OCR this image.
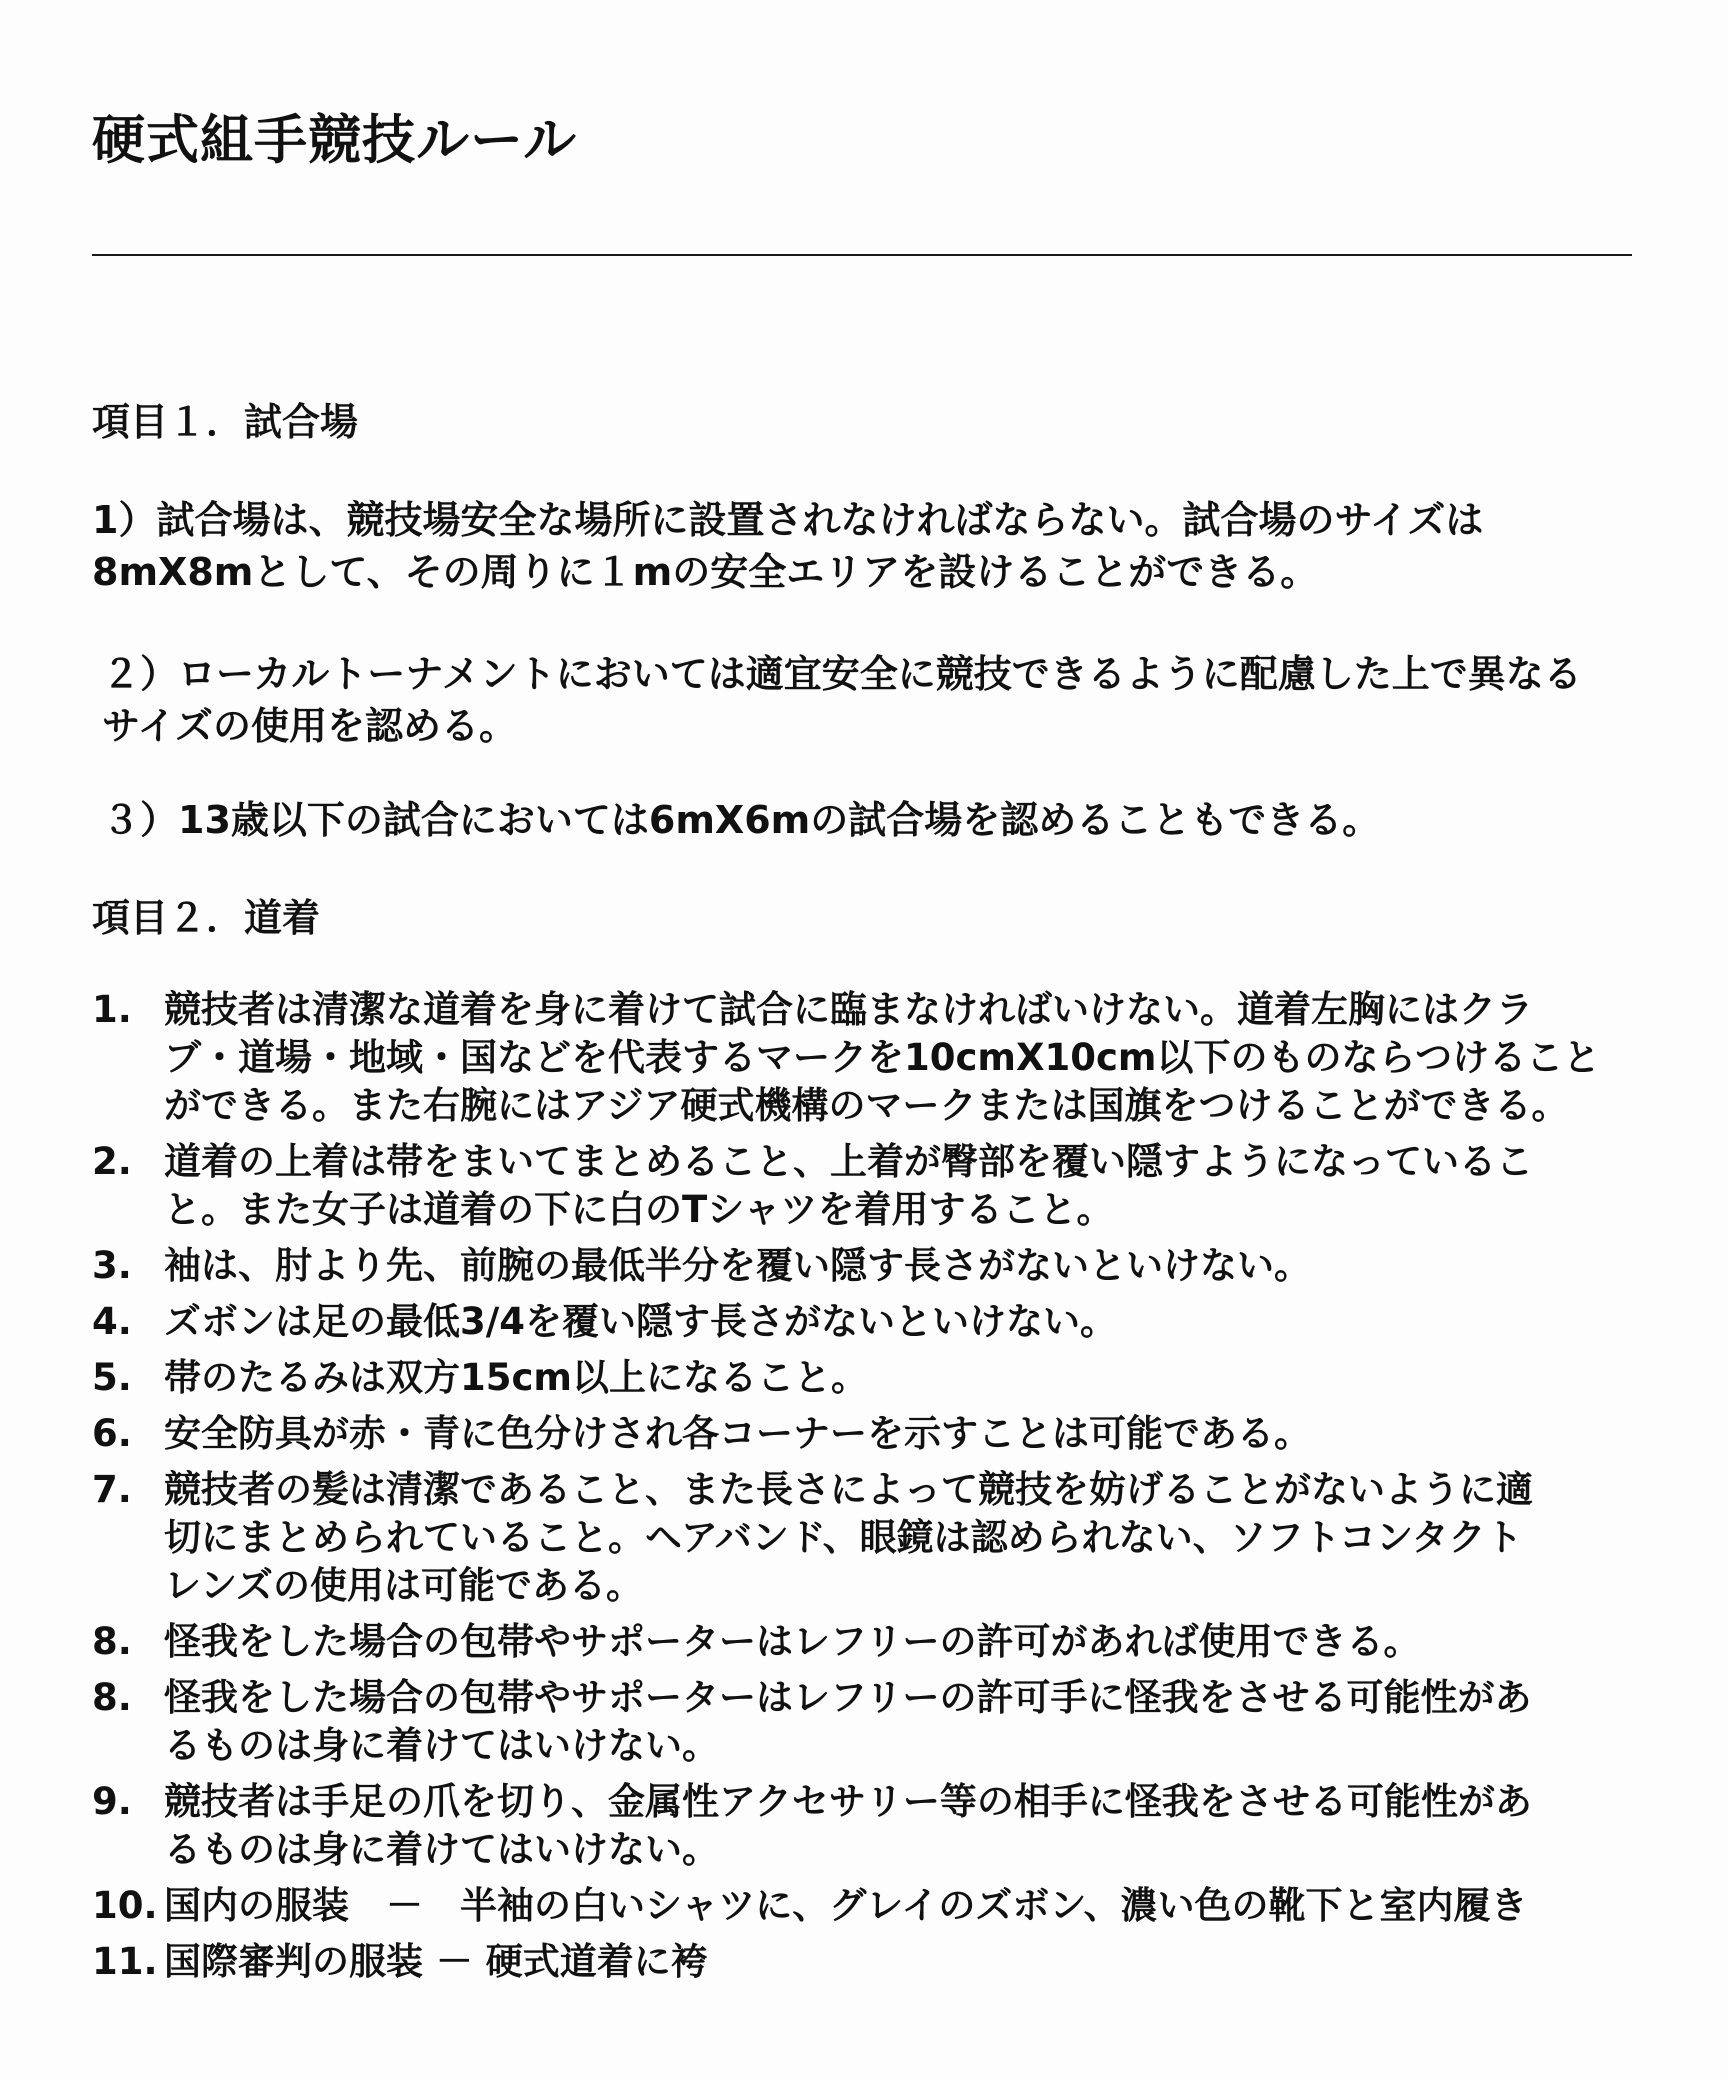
硬式組手競技ルール
項目１．試合場

1）試合場は、競技場安全な場所に設置されなければならない。試合場のサイズは
8mX8mとして、その周りに１mの安全エリアを設けることができる。

２）ローカルトーナメントにおいては適宜安全に競技できるように配慮した上で異なる
サイズの使用を認める。

３）13歳以下の試合においては6mX6mの試合場を認めることもできる。

項目２．道着
1. 競技者は清潔な道着を身に着けて試合に臨まなければいけない。道着左胸にはクラ
ブ・道場・地域・国などを代表するマークを10cmX10cm以下のものならつけること
ができる。また右腕にはアジア硬式機構のマークまたは国旗をつけることができる。
2. 道着の上着は帯をまいてまとめること、上着が臀部を覆い隠すようになっているこ
と。また女子は道着の下に白のTシャツを着用すること。
3. 袖は、肘より先、前腕の最低半分を覆い隠す長さがないといけない。
4. ズボンは足の最低3/4を覆い隠す長さがないといけない。
5. 帯のたるみは双方15cm以上になること。
6. 安全防具が赤・青に色分けされ各コーナーを示すことは可能である。
7. 競技者の髪は清潔であること、また長さによって競技を妨げることがないように適
切にまとめられていること。ヘアバンド、眼鏡は認められない、ソフトコンタクト
レンズの使用は可能である。
8. 怪我をした場合の包帯やサポーターはレフリーの許可があれば使用できる。
8. 怪我をした場合の包帯やサポーターはレフリーの許可手に怪我をさせる可能性があ
るものは身に着けてはいけない。
9. 競技者は手足の爪を切り、金属性アクセサリー等の相手に怪我をさせる可能性があ
るものは身に着けてはいけない。
10. 国内の服装　－　半袖の白いシャツに、グレイのズボン、濃い色の靴下と室内履き
11. 国際審判の服装 － 硬式道着に袴
